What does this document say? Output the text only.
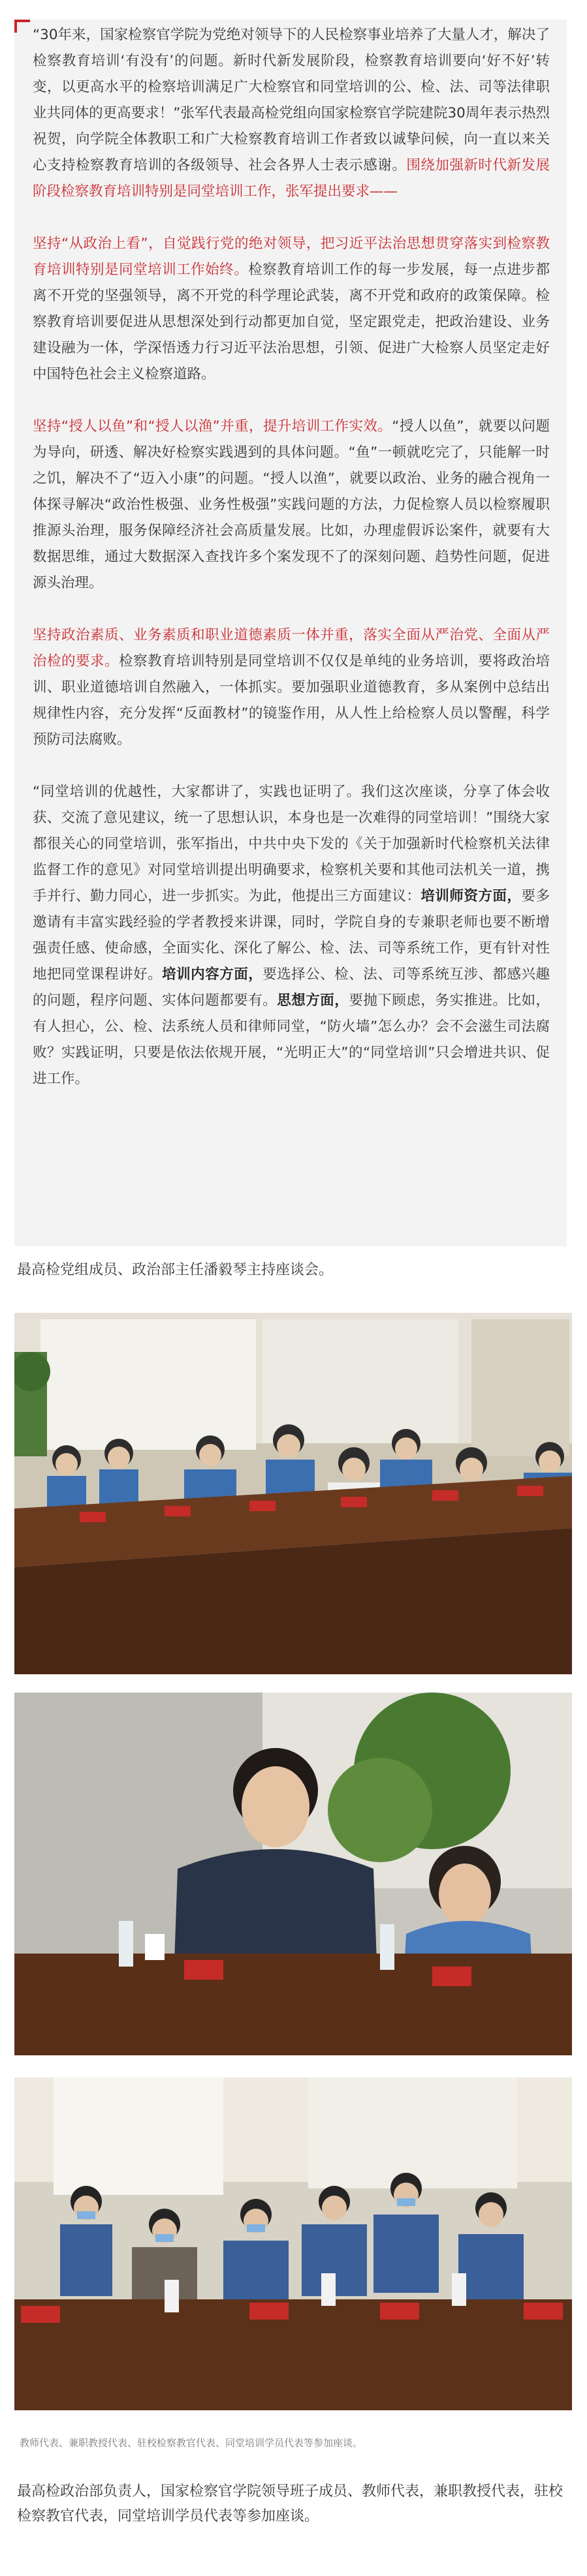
“30年来，国家检察官学院为党绝对领导下的人民检察事业培养了大量人才，解决了检察教育培训‘有没有’的问题。新时代新发展阶段，检察教育培训要向‘好不好’转变，以更高水平的检察培训满足广大检察官和同堂培训的公、检、法、司等法律职业共同体的更高要求！”张军代表最高检党组向国家检察官学院建院30周年表示热烈祝贺，向学院全体教职工和广大检察教育培训工作者致以诚挚问候，向一直以来关心支持检察教育培训的各级领导、社会各界人士表示感谢。围绕加强新时代新发展阶段检察教育培训特别是同堂培训工作，张军提出要求——

坚持“从政治上看”，自觉践行党的绝对领导，把习近平法治思想贯穿落实到检察教育培训特别是同堂培训工作始终。检察教育培训工作的每一步发展，每一点进步都离不开党的坚强领导，离不开党的科学理论武装，离不开党和政府的政策保障。检察教育培训要促进从思想深处到行动都更加自觉，坚定跟党走，把政治建设、业务建设融为一体，学深悟透力行习近平法治思想，引领、促进广大检察人员坚定走好中国特色社会主义检察道路。

坚持“授人以鱼”和“授人以渔”并重，提升培训工作实效。“授人以鱼”，就要以问题为导向，研透、解决好检察实践遇到的具体问题。“鱼”一顿就吃完了，只能解一时之饥，解决不了“迈入小康”的问题。“授人以渔”，就要以政治、业务的融合视角一体探寻解决“政治性极强、业务性极强”实践问题的方法，力促检察人员以检察履职推源头治理，服务保障经济社会高质量发展。比如，办理虚假诉讼案件，就要有大数据思维，通过大数据深入查找许多个案发现不了的深刻问题、趋势性问题，促进源头治理。

坚持政治素质、业务素质和职业道德素质一体并重，落实全面从严治党、全面从严治检的要求。检察教育培训特别是同堂培训不仅仅是单纯的业务培训，要将政治培训、职业道德培训自然融入，一体抓实。要加强职业道德教育，多从案例中总结出规律性内容，充分发挥“反面教材”的镜鉴作用，从人性上给检察人员以警醒，科学预防司法腐败。

“同堂培训的优越性，大家都讲了，实践也证明了。我们这次座谈，分享了体会收获、交流了意见建议，统一了思想认识，本身也是一次难得的同堂培训！”围绕大家都很关心的同堂培训，张军指出，中共中央下发的《关于加强新时代检察机关法律监督工作的意见》对同堂培训提出明确要求，检察机关要和其他司法机关一道，携手并行、勤力同心，进一步抓实。为此，他提出三方面建议：培训师资方面，要多邀请有丰富实践经验的学者教授来讲课，同时，学院自身的专兼职老师也要不断增强责任感、使命感，全面实化、深化了解公、检、法、司等系统工作，更有针对性地把同堂课程讲好。培训内容方面，要选择公、检、法、司等系统互涉、都感兴趣的问题，程序问题、实体问题都要有。思想方面，要抛下顾虑，务实推进。比如，有人担心，公、检、法系统人员和律师同堂，“防火墙”怎么办？会不会滋生司法腐败？实践证明，只要是依法依规开展，“光明正大”的“同堂培训”只会增进共识、促进工作。

最高检党组成员、政治部主任潘毅琴主持座谈会。
教师代表、兼职教授代表、驻校检察教官代表、同堂培训学员代表等参加座谈。
最高检政治部负责人，国家检察官学院领导班子成员、教师代表，兼职教授代表，驻校检察教官代表，同堂培训学员代表等参加座谈。
